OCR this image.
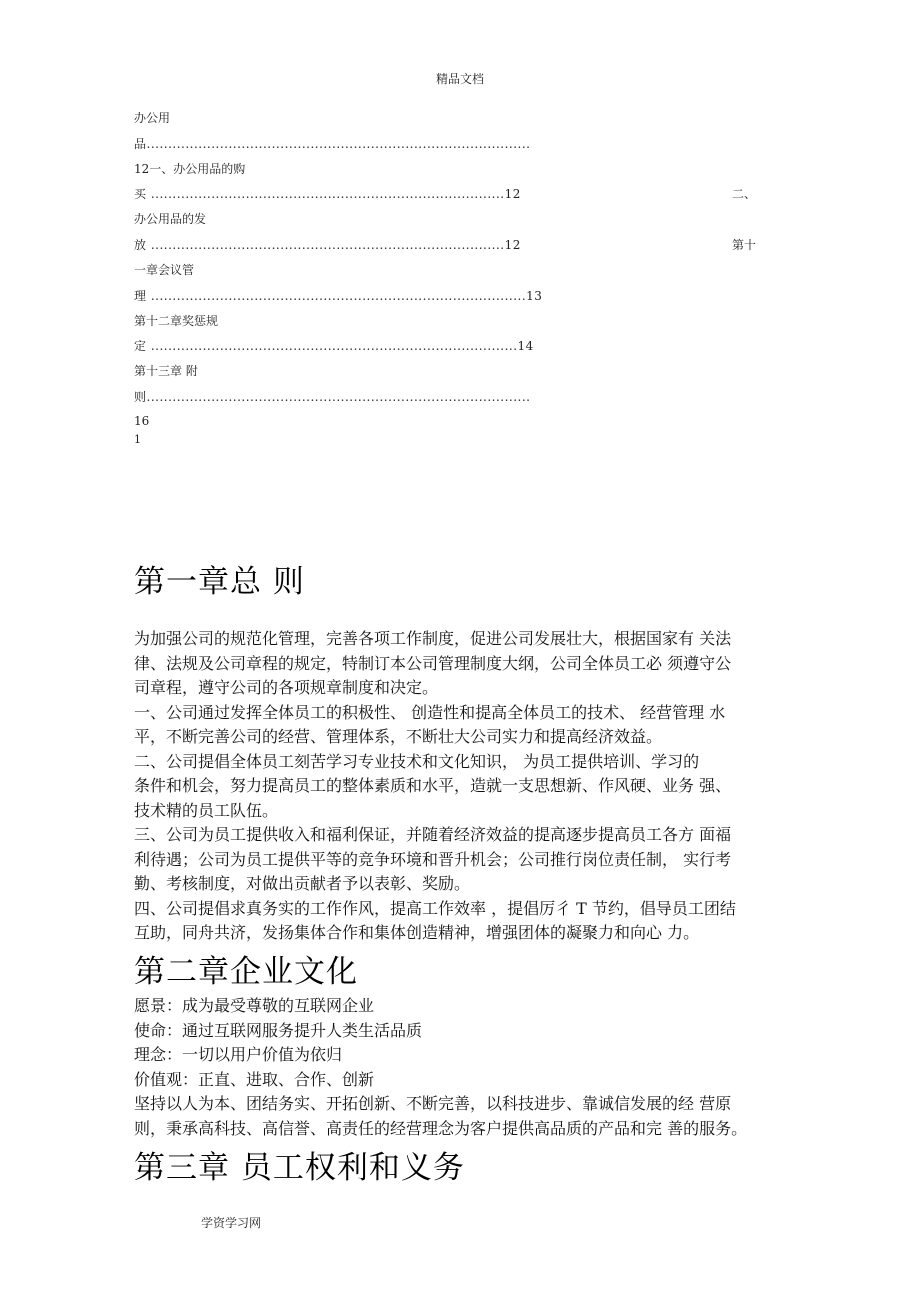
精品文档
办公用
品.........................................................................................
12一、办公用品的购
买 ..................................................................................12	二、
办公用品的发
放 ..................................................................................12	第十
一章会议管
理 .......................................................................................13
第十二章奖惩规
定 .....................................................................................14
第十三章 附
则.........................................................................................
16
1
第一章总 则
为加强公司的规范化管理，完善各项工作制度，促进公司发展壮大，根据国家有 关法
律、法规及公司章程的规定，特制订本公司管理制度大纲，公司全体员工必 须遵守公
司章程，遵守公司的各项规章制度和决定。
一、公司通过发挥全体员工的积极性、 创造性和提高全体员工的技术、 经营管理 水
平，不断完善公司的经营、管理体系，不断壮大公司实力和提高经济效益。
二、公司提倡全体员工刻苦学习专业技术和文化知识， 为员工提供培训、学习的
条件和机会，努力提高员工的整体素质和水平，造就一支思想新、作风硬、业务 强、
技术精的员工队伍。
三、公司为员工提供收入和福利保证，并随着经济效益的提高逐步提高员工各方 面福
利待遇；公司为员工提供平等的竞争环境和晋升机会；公司推行岗位责任制， 实行考
勤、考核制度，对做出贡献者予以表彰、奖励。
四、公司提倡求真务实的工作作风，提高工作效率 ，提倡厉彳 T 节约，倡导员工团结
互助，同舟共济，发扬集体合作和集体创造精神，增强团体的凝聚力和向心 力。
第二章企业文化
愿景：成为最受尊敬的互联网企业
使命：通过互联网服务提升人类生活品质
理念：一切以用户价值为依归
价值观：正直、进取、合作、创新
坚持以人为本、团结务实、开拓创新、不断完善，以科技进步、靠诚信发展的经 营原
则，秉承高科技、高信誉、高责任的经营理念为客户提供高品质的产品和完 善的服务。
第三章 员工权利和义务
学资学习网
